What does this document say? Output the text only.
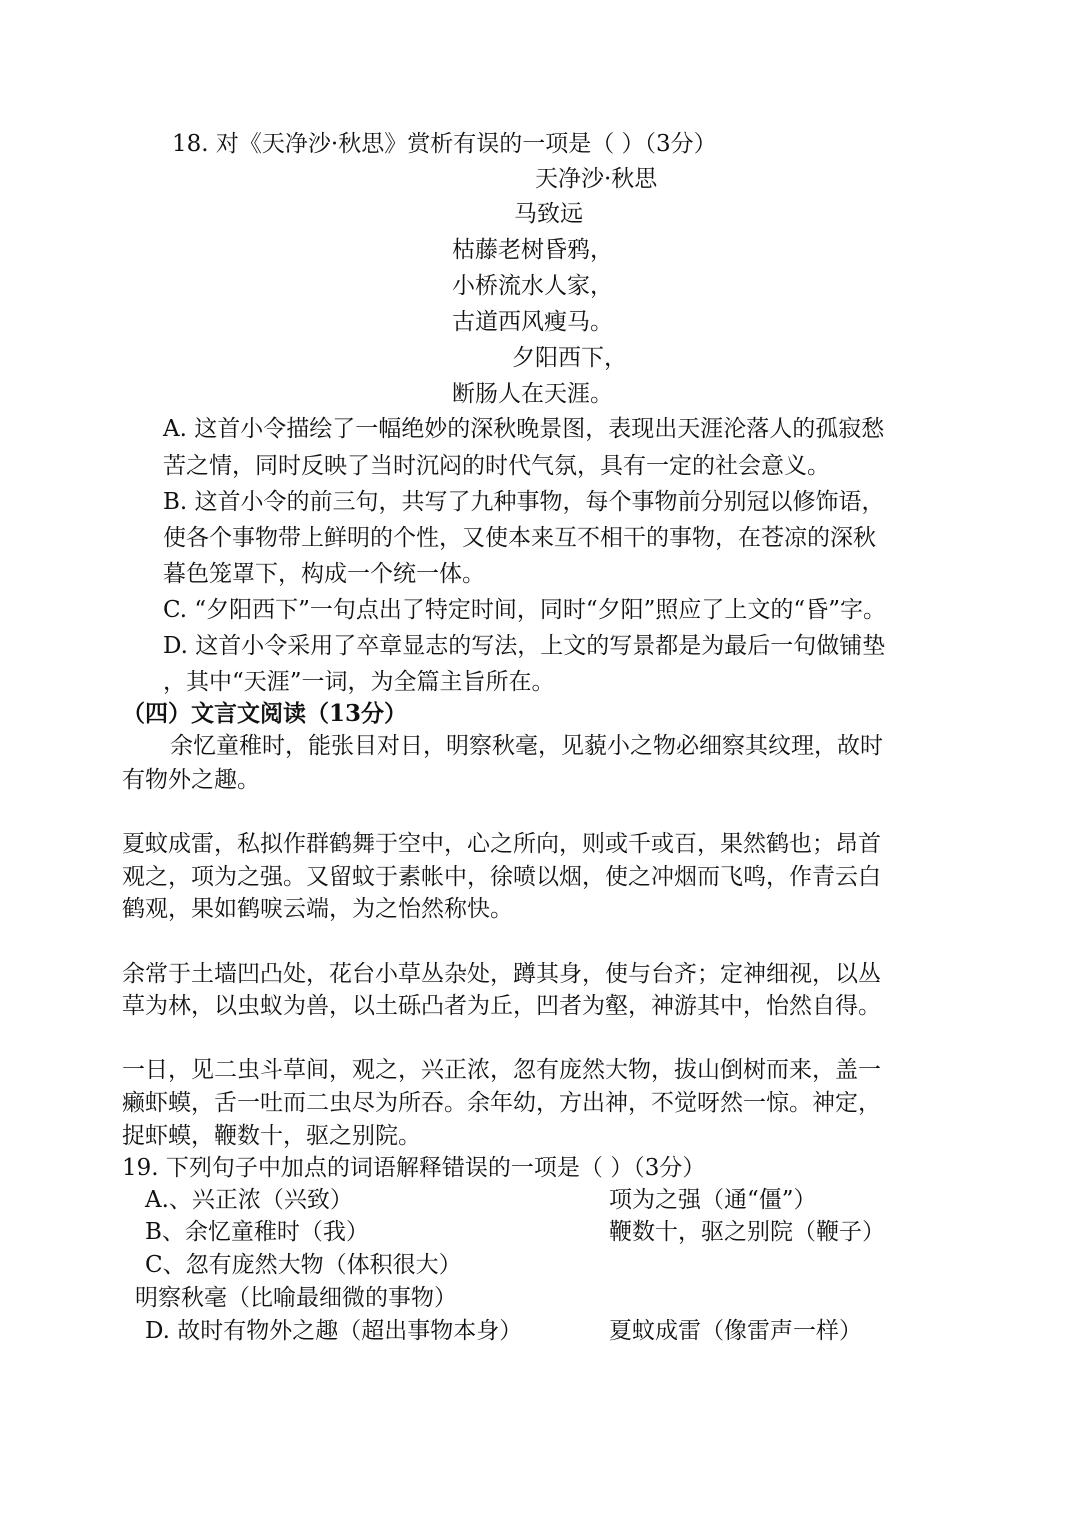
18. 对《天净沙·秋思》赏析有误的一项是（ ）（3分）
天净沙·秋思
马致远
枯藤老树昏鸦，
小桥流水人家，
古道西风瘦马。
夕阳西下，
断肠人在天涯。
A. 这首小令描绘了一幅绝妙的深秋晚景图，表现出天涯沦落人的孤寂愁
苦之情，同时反映了当时沉闷的时代气氛，具有一定的社会意义。
B. 这首小令的前三句，共写了九种事物，每个事物前分别冠以修饰语，
使各个事物带上鲜明的个性，又使本来互不相干的事物，在苍凉的深秋
暮色笼罩下，构成一个统一体。
C. “夕阳西下”一句点出了特定时间，同时“夕阳”照应了上文的“昏”字。
D. 这首小令采用了卒章显志的写法，上文的写景都是为最后一句做铺垫
，其中“天涯”一词，为全篇主旨所在。
（四）文言文阅读（13分）
余忆童稚时，能张目对日，明察秋毫，见藐小之物必细察其纹理，故时
有物外之趣。
夏蚊成雷，私拟作群鹤舞于空中，心之所向，则或千或百，果然鹤也；昂首
观之，项为之强。又留蚊于素帐中，徐喷以烟，使之冲烟而飞鸣，作青云白
鹤观，果如鹤唳云端，为之怡然称快。
余常于土墙凹凸处，花台小草丛杂处，蹲其身，使与台齐；定神细视，以丛
草为林，以虫蚁为兽，以土砾凸者为丘，凹者为壑，神游其中，怡然自得。
一日，见二虫斗草间，观之，兴正浓，忽有庞然大物，拔山倒树而来，盖一
癞虾蟆，舌一吐而二虫尽为所吞。余年幼，方出神，不觉呀然一惊。神定，
捉虾蟆，鞭数十，驱之别院。
19. 下列句子中加点的词语解释错误的一项是（ ）（3分）
A.、兴正浓（兴致）	项为之强（通“僵”）
B、余忆童稚时（我）	鞭数十，驱之别院（鞭子）
C、忽有庞然大物（体积很大）
明察秋毫（比喻最细微的事物）
D. 故时有物外之趣（超出事物本身）	夏蚊成雷（像雷声一样）
